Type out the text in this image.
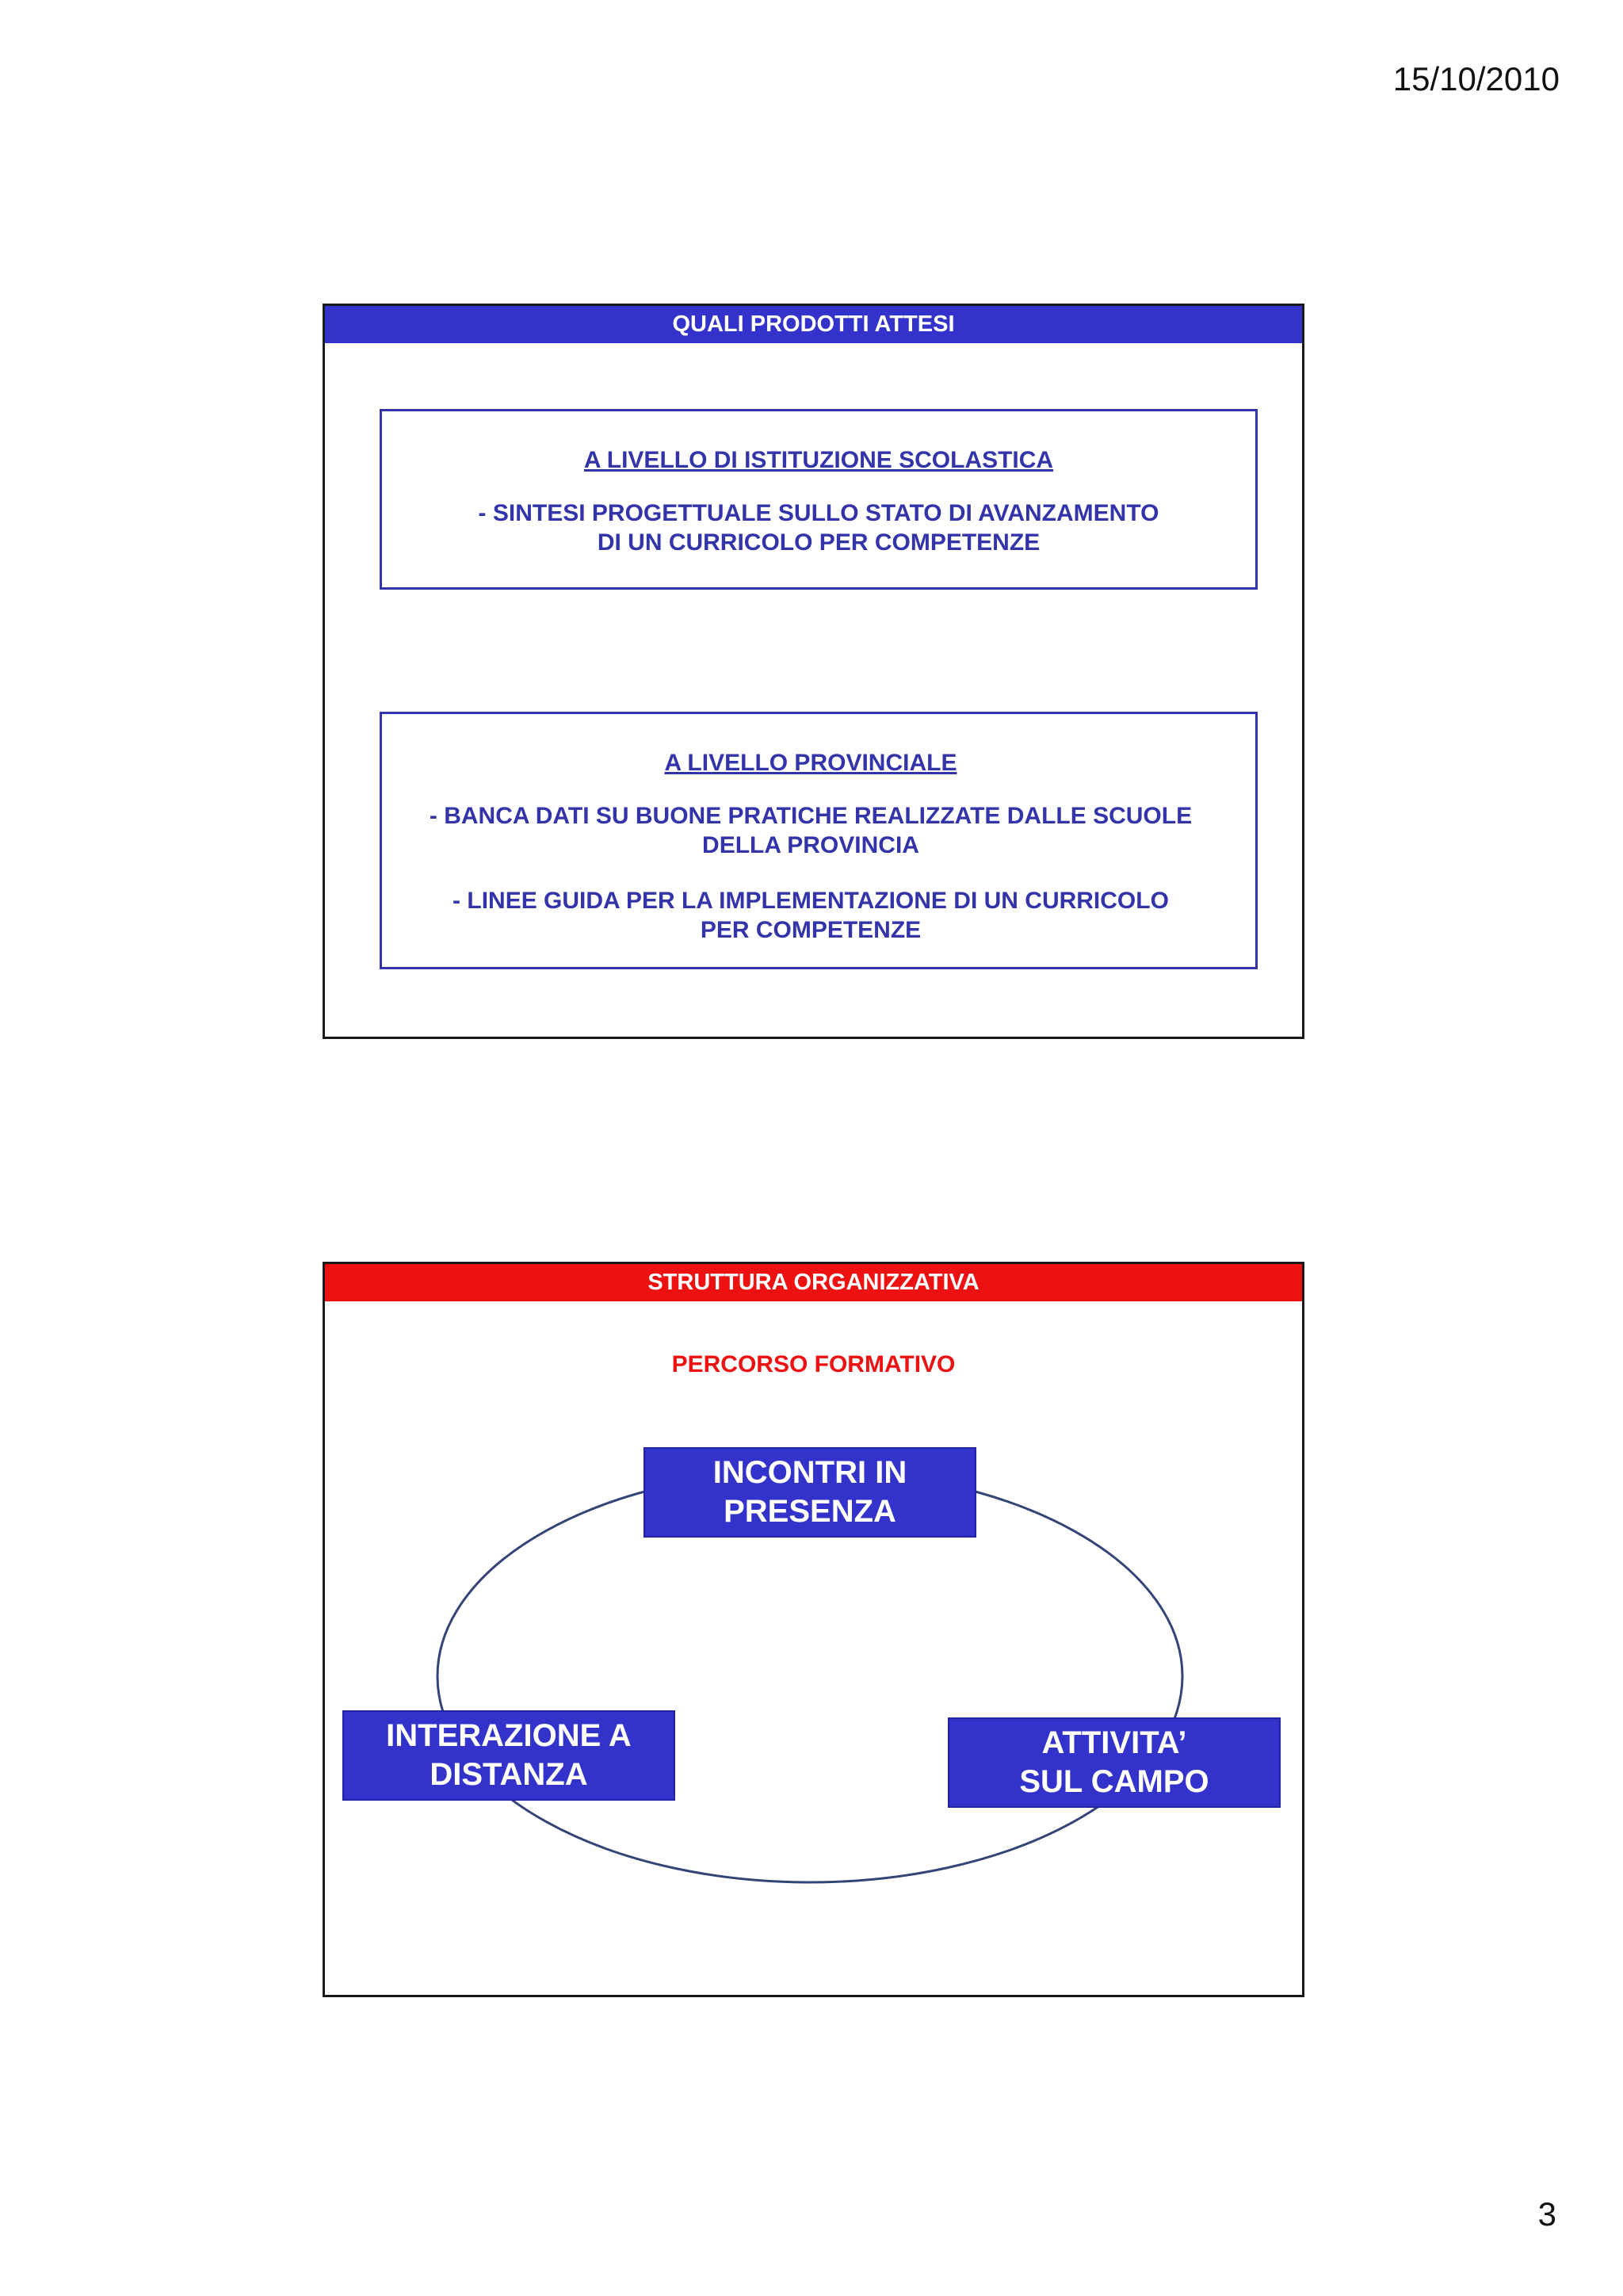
15/10/2010
QUALI PRODOTTI ATTESI
A LIVELLO DI ISTITUZIONE SCOLASTICA
- SINTESI PROGETTUALE SULLO STATO DI AVANZAMENTO
DI UN CURRICOLO PER COMPETENZE
A LIVELLO PROVINCIALE
- BANCA DATI SU BUONE PRATICHE REALIZZATE DALLE SCUOLE
DELLA PROVINCIA
- LINEE GUIDA PER LA IMPLEMENTAZIONE DI UN CURRICOLO
PER COMPETENZE
STRUTTURA ORGANIZZATIVA
PERCORSO FORMATIVO
INCONTRI IN
PRESENZA
INTERAZIONE A
DISTANZA
ATTIVITA’
SUL CAMPO
3
